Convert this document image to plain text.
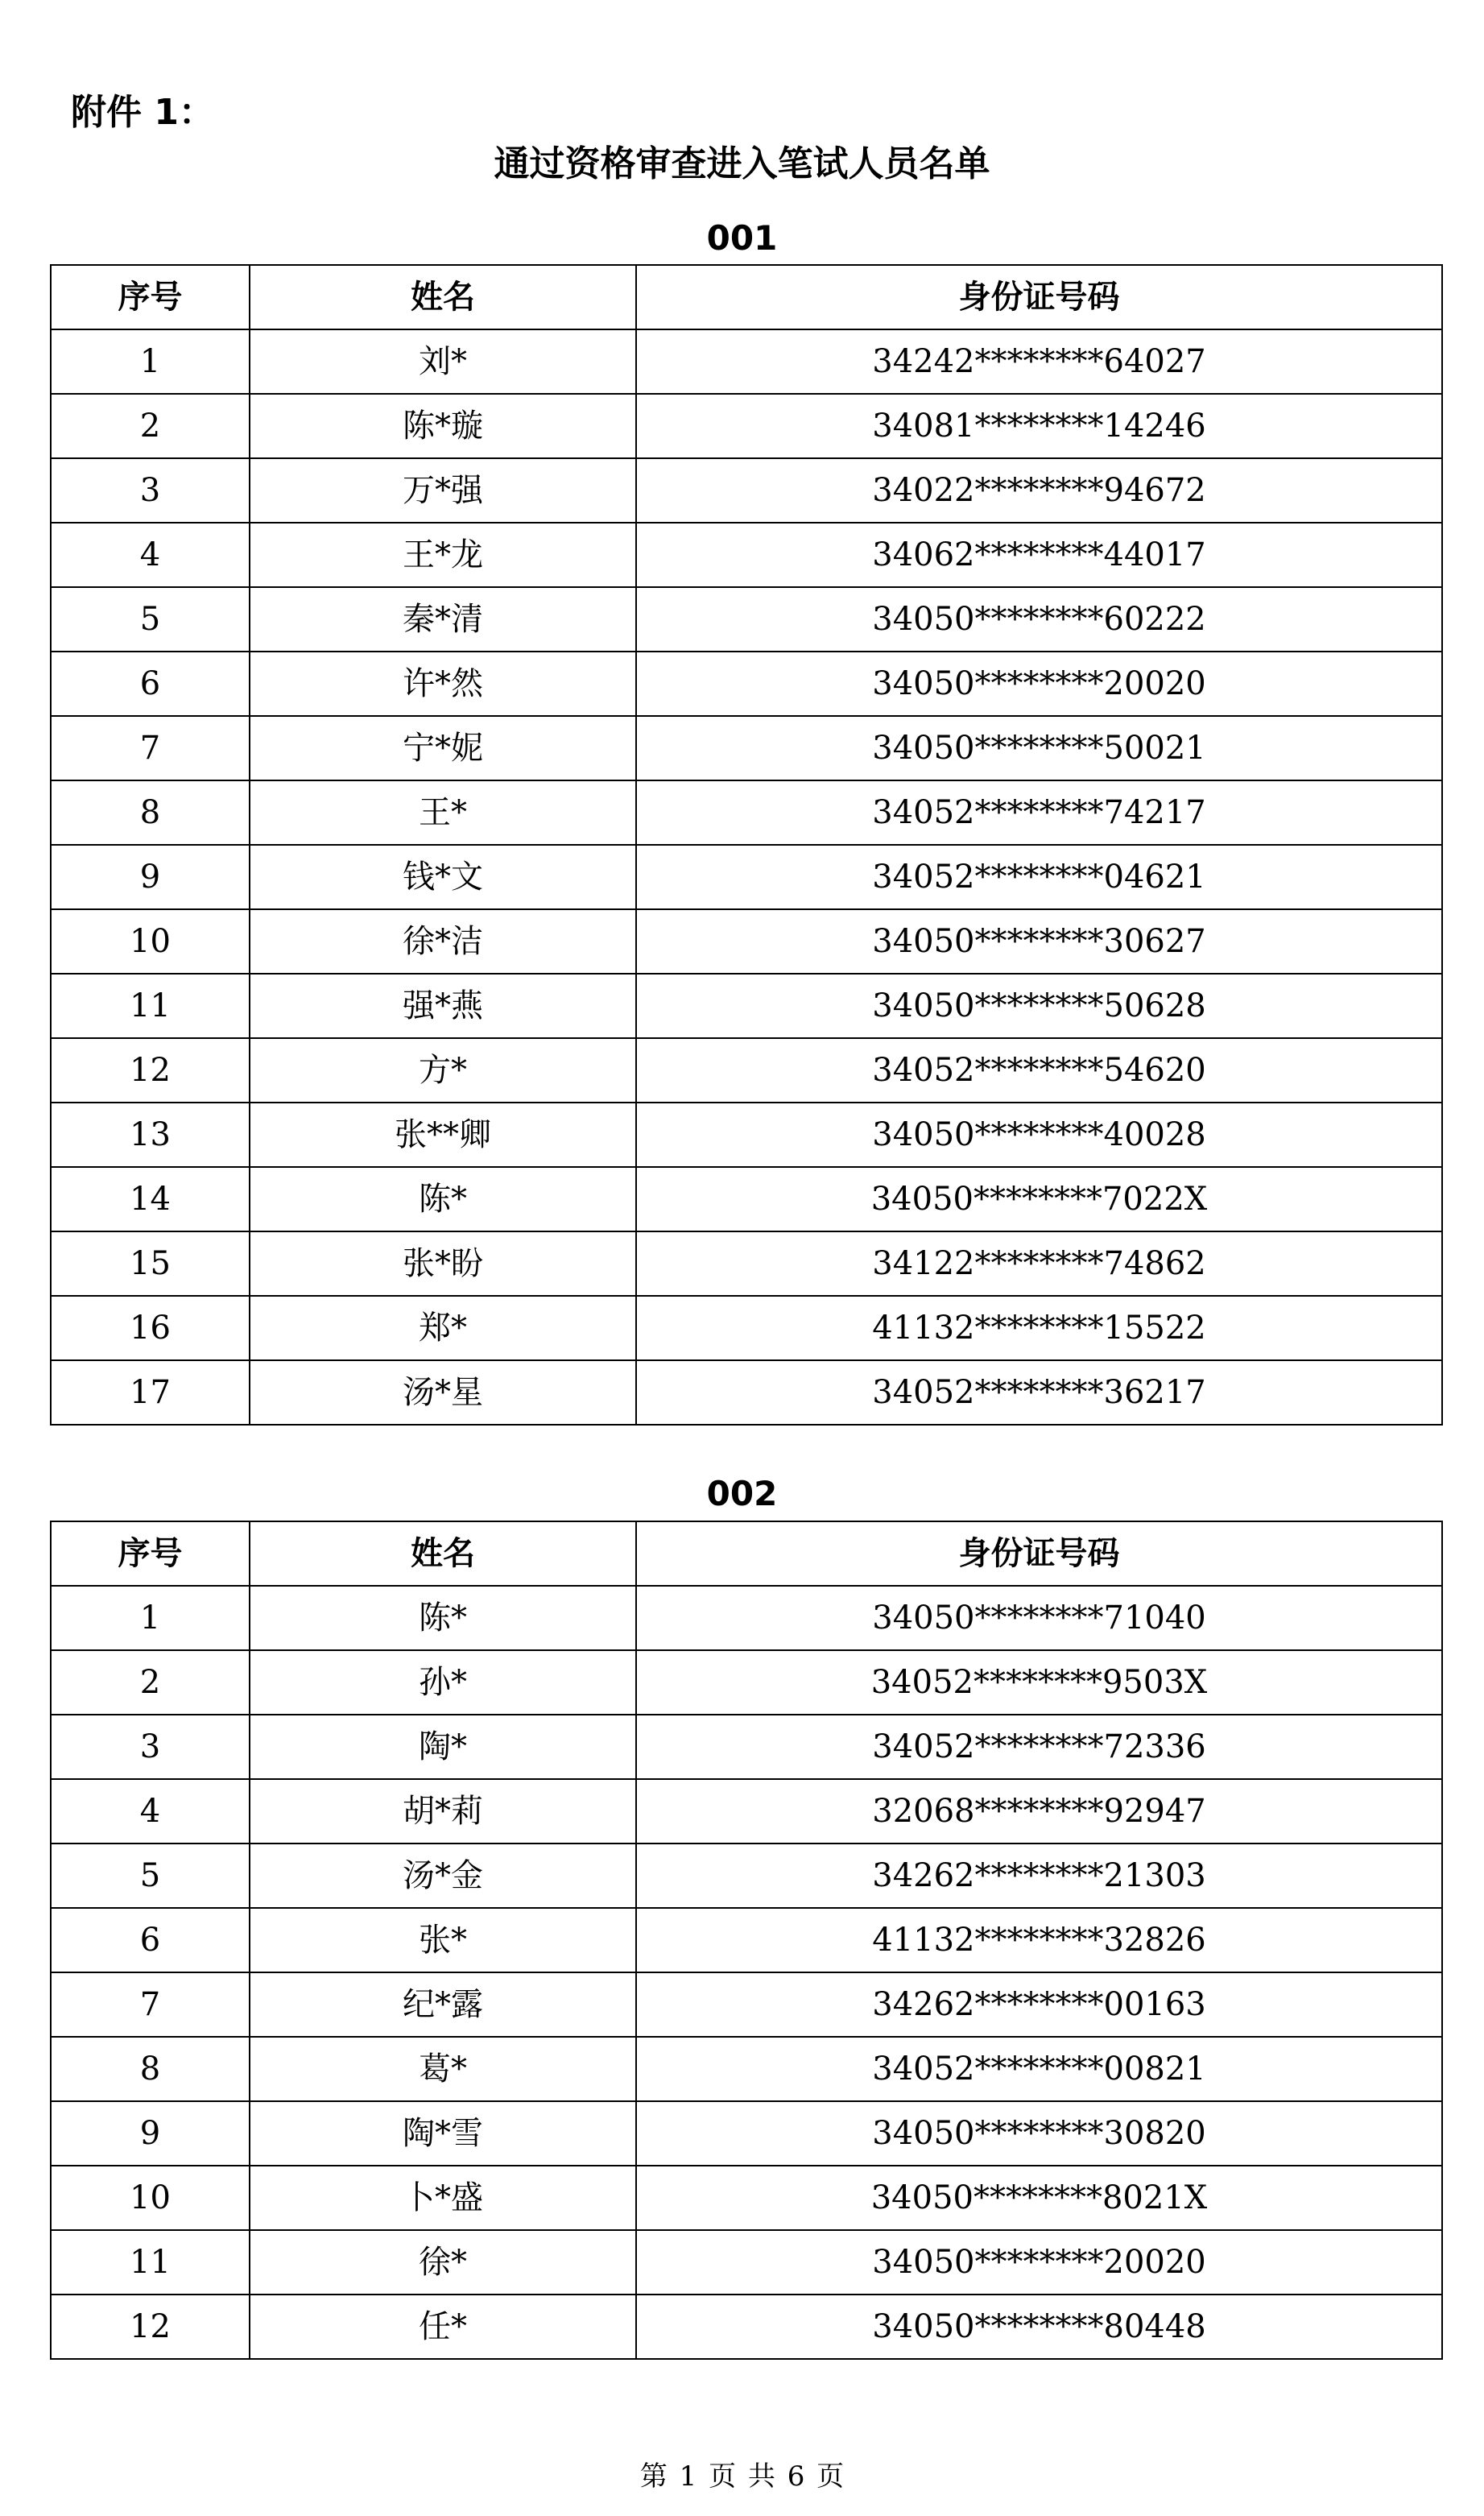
附件 1：
通过资格审查进入笔试人员名单
001
序号	姓名	身份证号码
1	刘*	34242********64027
2	陈*璇	34081********14246
3	万*强	34022********94672
4	王*龙	34062********44017
5	秦*清	34050********60222
6	许*然	34050********20020
7	宁*妮	34050********50021
8	王*	34052********74217
9	钱*文	34052********04621
10	徐*洁	34050********30627
11	强*燕	34050********50628
12	方*	34052********54620
13	张**卿	34050********40028
14	陈*	34050********7022X
15	张*盼	34122********74862
16	郑*	41132********15522
17	汤*星	34052********36217
002
序号	姓名	身份证号码
1	陈*	34050********71040
2	孙*	34052********9503X
3	陶*	34052********72336
4	胡*莉	32068********92947
5	汤*金	34262********21303
6	张*	41132********32826
7	纪*露	34262********00163
8	葛*	34052********00821
9	陶*雪	34050********30820
10	卜*盛	34050********8021X
11	徐*	34050********20020
12	任*	34050********80448
第 1 页 共 6 页
